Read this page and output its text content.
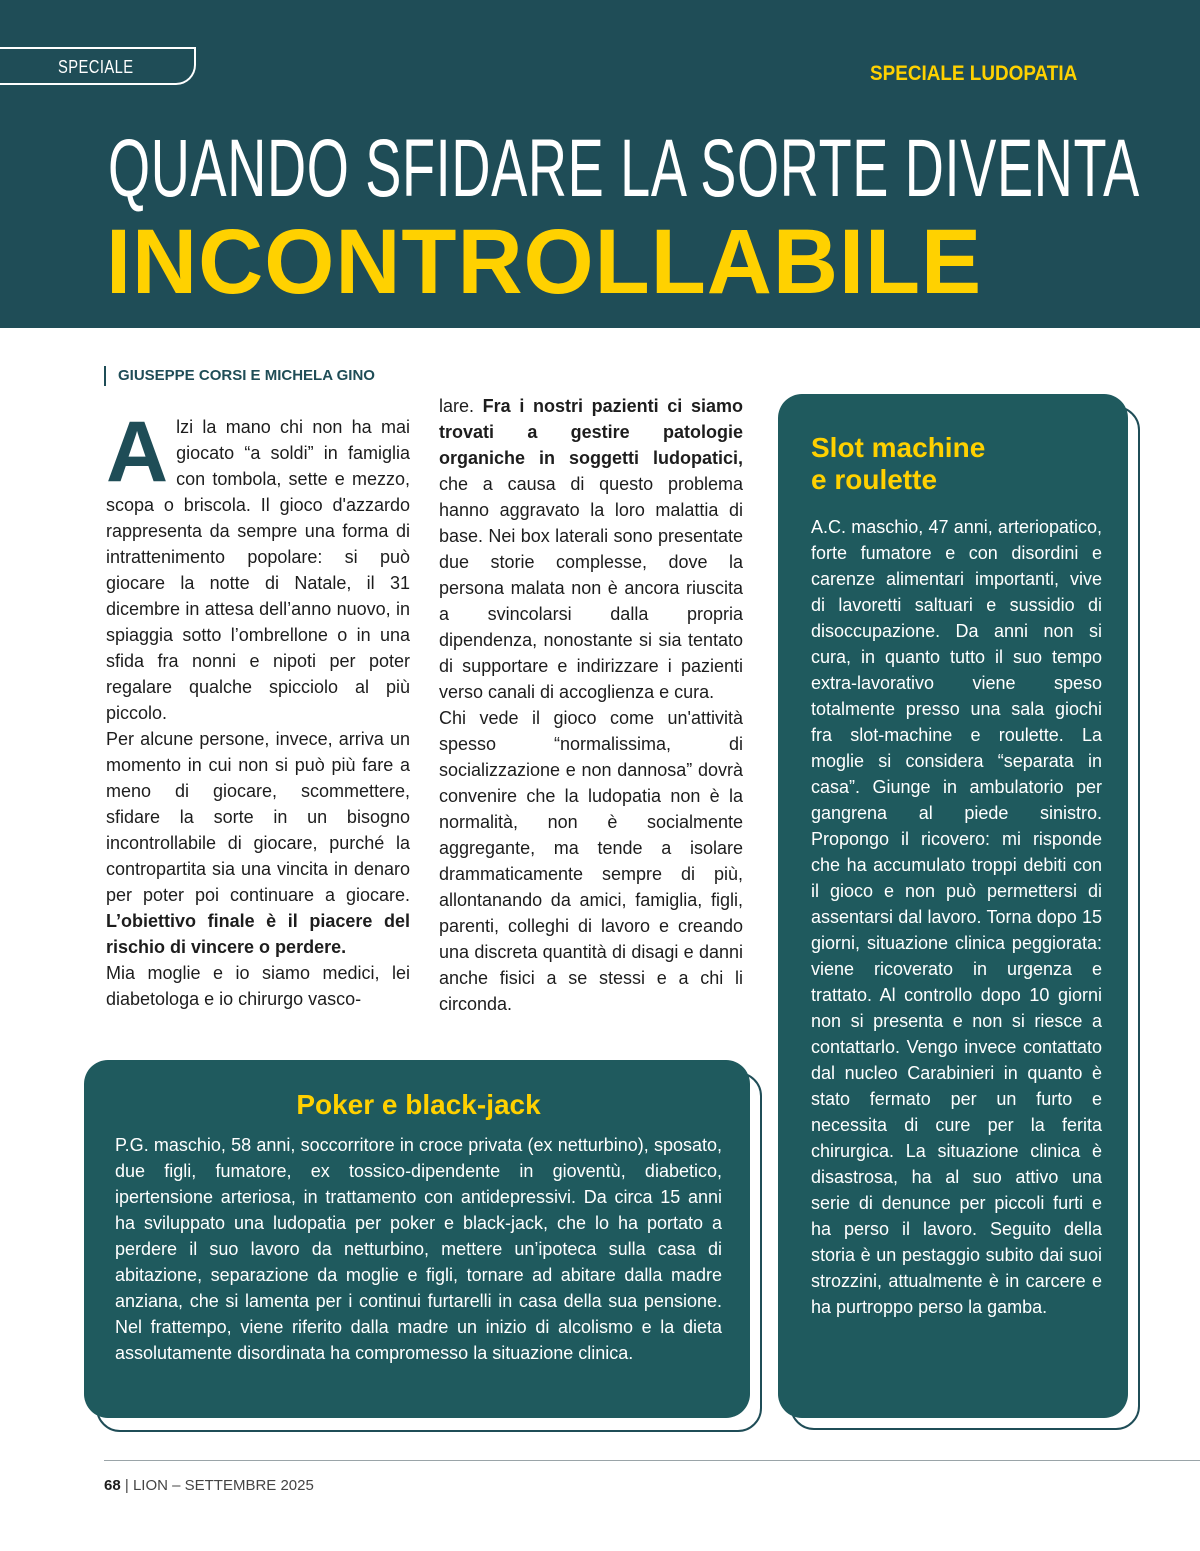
SPECIALE	SPECIALE LUDOPATIA
QUANDO SFIDARE LA SORTE DIVENTA
INCONTROLLABILE
GIUSEPPE CORSI E MICHELA GINO

Alzi la mano chi non ha mai giocato “a soldi” in famiglia con tombola, sette e mezzo, scopa o briscola. Il gioco d'azzardo rappresenta da sempre una forma di intrattenimento popolare: si può giocare la notte di Natale, il 31 dicembre in attesa dell’anno nuovo, in spiaggia sotto l’ombrellone o in una sfida fra nonni e nipoti per poter regalare qualche spicciolo al più piccolo.

Per alcune persone, invece, arriva un momento in cui non si può più fare a meno di giocare, scommettere, sfidare la sorte in un bisogno incontrollabile di giocare, purché la contropartita sia una vincita in denaro per poter poi continuare a giocare. L’obiettivo finale è il piacere del rischio di vincere o perdere.

Mia moglie e io siamo medici, lei diabetologa e io chirurgo vasco-

lare. Fra i nostri pazienti ci siamo trovati a gestire patologie organiche in soggetti ludopatici, che a causa di questo problema hanno aggravato la loro malattia di base. Nei box laterali sono presentate due storie complesse, dove la persona malata non è ancora riuscita a svincolarsi dalla propria dipendenza, nonostante si sia tentato di supportare e indirizzare i pazienti verso canali di accoglienza e cura.

Chi vede il gioco come un'attività spesso “normalissima, di socializzazione e non dannosa” dovrà convenire che la ludopatia non è la normalità, non è socialmente aggregante, ma tende a isolare drammaticamente sempre di più, allontanando da amici, famiglia, figli, parenti, colleghi di lavoro e creando una discreta quantità di disagi e danni anche fisici a se stessi e a chi li circonda.

Slot machine
e roulette

A.C. maschio, 47 anni, arteriopatico, forte fumatore e con disordini e carenze alimentari importanti, vive di lavoretti saltuari e sussidio di disoccupazione. Da anni non si cura, in quanto tutto il suo tempo extra-lavorativo viene speso totalmente presso una sala giochi fra slot-machine e roulette. La moglie si considera “separata in casa”. Giunge in ambulatorio per gangrena al piede sinistro. Propongo il ricovero: mi risponde che ha accumulato troppi debiti con il gioco e non può permettersi di assentarsi dal lavoro. Torna dopo 15 giorni, situazione clinica peggiorata: viene ricoverato in urgenza e trattato. Al controllo dopo 10 giorni non si presenta e non si riesce a contattarlo. Vengo invece contattato dal nucleo Carabinieri in quanto è stato fermato per un furto e necessita di cure per la ferita chirurgica. La situazione clinica è disastrosa, ha al suo attivo una serie di denunce per piccoli furti e ha perso il lavoro. Seguito della storia è un pestaggio subito dai suoi strozzini, attualmente è in carcere e ha purtroppo perso la gamba.

Poker e black-jack

P.G. maschio, 58 anni, soccorritore in croce privata (ex netturbino), sposato, due figli, fumatore, ex tossico-dipendente in gioventù, diabetico, ipertensione arteriosa, in trattamento con antidepressivi. Da circa 15 anni ha sviluppato una ludopatia per poker e black-jack, che lo ha portato a perdere il suo lavoro da netturbino, mettere un’ipoteca sulla casa di abitazione, separazione da moglie e figli, tornare ad abitare dalla madre anziana, che si lamenta per i continui furtarelli in casa della sua pensione. Nel frattempo, viene riferito dalla madre un inizio di alcolismo e la dieta assolutamente disordinata ha compromesso la situazione clinica.

68 | LION – SETTEMBRE 2025
